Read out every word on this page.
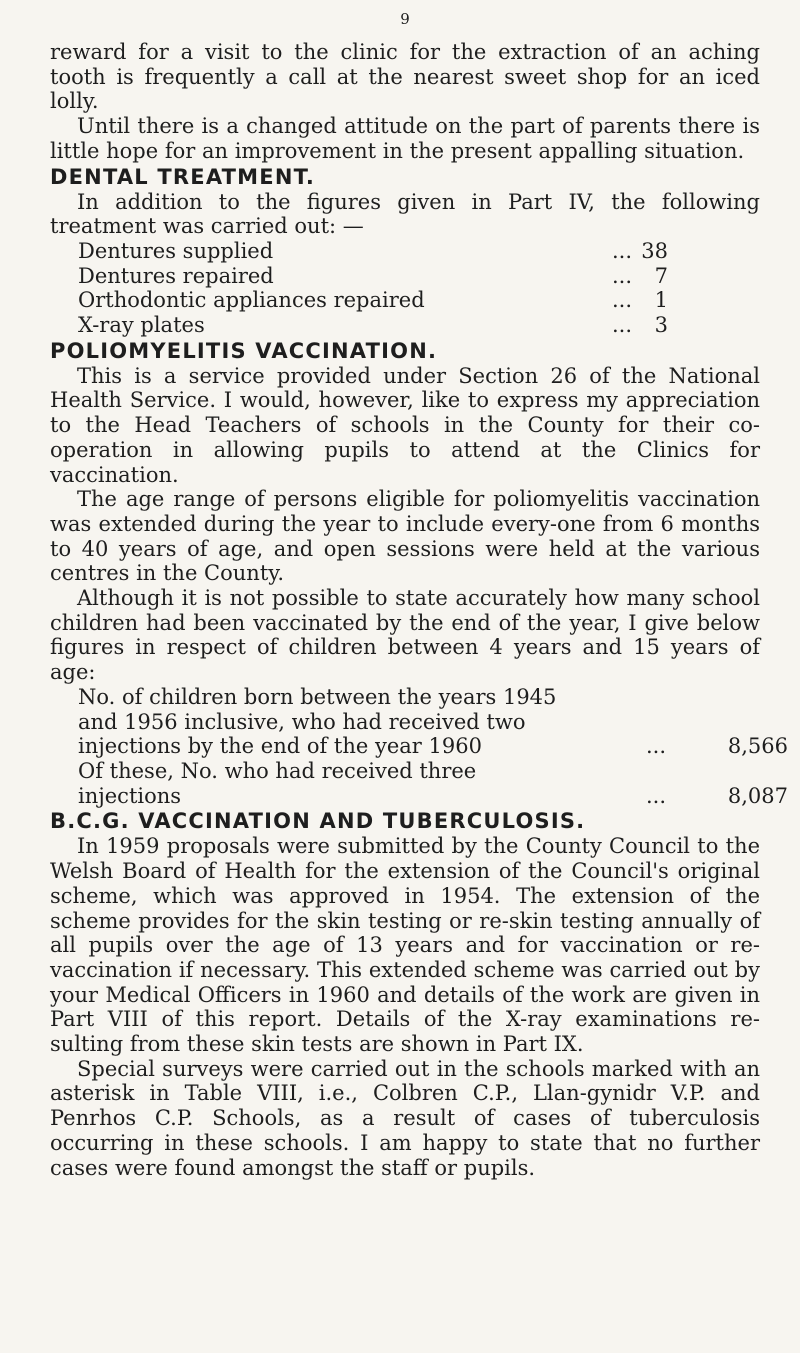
9

reward for a visit to the clinic for the extraction of an aching tooth is frequently a call at the nearest sweet shop for an iced lolly.

Until there is a changed attitude on the part of parents there is little hope for an improvement in the present appalling situation.

DENTAL TREATMENT.

In addition to the figures given in Part IV, the following treatment was carried out: —

Dentures supplied	... 38
Dentures repaired	...	7
Orthodontic appliances repaired	...	1
X-ray plates	...	3
POLIOMYELITIS VACCINATION.

This is a service provided under Section 26 of the National Health Service. I would, however, like to express my appreciation to the Head Teachers of schools in the County for their co-operation in allowing pupils to attend at the Clinics for vaccination.

The age range of persons eligible for poliomyelitis vaccination was extended during the year to include every-one from 6 months to 40 years of age, and open sessions were held at the various centres in the County.

Although it is not possible to state accurately how many school children had been vaccinated by the end of the year, I give below figures in respect of children between 4 years and 15 years of age:

No. of children born between the years 1945
and 1956 inclusive, who had received two
injections by the end of the year 1960	...	8,566
Of these, No. who had received three
injections	...	8,087
B.C.G. VACCINATION AND TUBERCULOSIS.

In 1959 proposals were submitted by the County Council to the Welsh Board of Health for the extension of the Council's original scheme, which was approved in 1954. The extension of the scheme provides for the skin testing or re-skin testing annually of all pupils over the age of 13 years and for vaccination or re-vaccination if necessary. This extended scheme was carried out by your Medical Officers in 1960 and details of the work are given in Part VIII of this report. Details of the X-ray examinations re-sulting from these skin tests are shown in Part IX.

Special surveys were carried out in the schools marked with an asterisk in Table VIII, i.e., Colbren C.P., Llan-gynidr V.P. and Penrhos C.P. Schools, as a result of cases of tuberculosis occurring in these schools. I am happy to state that no further cases were found amongst the staff or pupils.
